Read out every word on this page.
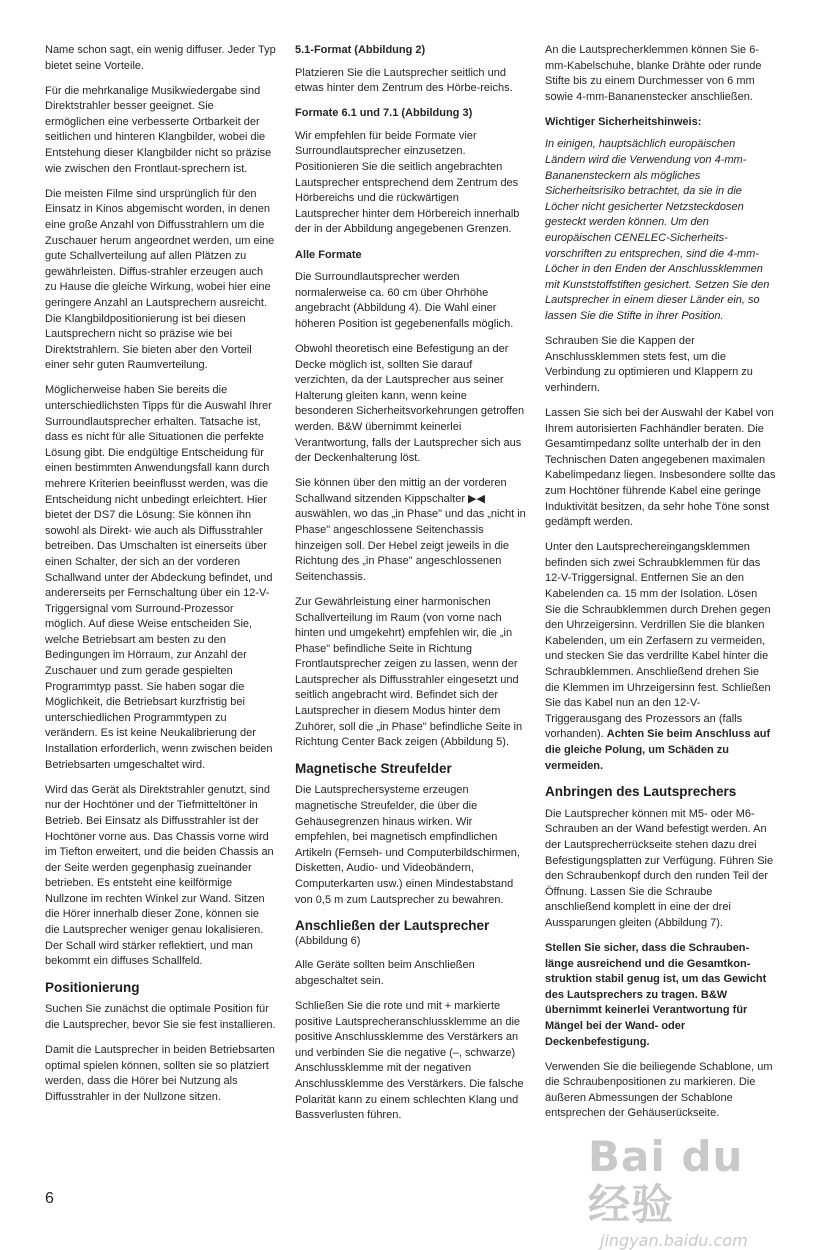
Name schon sagt, ein wenig diffuser. Jeder Typ bietet seine Vorteile.

Für die mehrkanalige Musikwiedergabe sind Direktstrahler besser geeignet. Sie ermöglichen eine verbesserte Ortbarkeit der seitlichen und hinteren Klangbilder, wobei die Entstehung dieser Klangbilder nicht so präzise wie zwischen den Frontlaut-sprechern ist.

Die meisten Filme sind ursprünglich für den Einsatz in Kinos abgemischt worden, in denen eine große Anzahl von Diffusstrahlern um die Zuschauer herum angeordnet werden, um eine gute Schallverteilung auf allen Plätzen zu gewährleisten. Diffus-strahler erzeugen auch zu Hause die gleiche Wirkung, wobei hier eine geringere Anzahl an Lautsprechern ausreicht. Die Klangbildpositionierung ist bei diesen Lautsprechern nicht so präzise wie bei Direktstrahlern. Sie bieten aber den Vorteil einer sehr guten Raumverteilung.

Möglicherweise haben Sie bereits die unterschiedlichsten Tipps für die Auswahl Ihrer Surroundlautsprecher erhalten. Tatsache ist, dass es nicht für alle Situationen die perfekte Lösung gibt. Die endgültige Entscheidung für einen bestimmten Anwendungsfall kann durch mehrere Kriterien beeinflusst werden, was die Entscheidung nicht unbedingt erleichtert. Hier bietet der DS7 die Lösung: Sie können ihn sowohl als Direkt- wie auch als Diffusstrahler betreiben. Das Umschalten ist einerseits über einen Schalter, der sich an der vorderen Schallwand unter der Abdeckung befindet, und andererseits per Fernschaltung über ein 12-V-Triggersignal vom Surround-Prozessor möglich. Auf diese Weise entscheiden Sie, welche Betriebsart am besten zu den Bedingungen im Hörraum, zur Anzahl der Zuschauer und zum gerade gespielten Programmtyp passt. Sie haben sogar die Möglichkeit, die Betriebsart kurzfristig bei unterschiedlichen Programmtypen zu verändern. Es ist keine Neukalibrierung der Installation erforderlich, wenn zwischen beiden Betriebsarten umgeschaltet wird.

Wird das Gerät als Direktstrahler genutzt, sind nur der Hochtöner und der Tiefmitteltöner in Betrieb. Bei Einsatz als Diffusstrahler ist der Hochtöner vorne aus. Das Chassis vorne wird im Tiefton erweitert, und die beiden Chassis an der Seite werden gegenphasig zueinander betrieben. Es entsteht eine keilförmige Nullzone im rechten Winkel zur Wand. Sitzen die Hörer innerhalb dieser Zone, können sie die Lautsprecher weniger genau lokalisieren. Der Schall wird stärker reflektiert, und man bekommt ein diffuses Schallfeld.

Positionierung

Suchen Sie zunächst die optimale Position für die Lautsprecher, bevor Sie sie fest installieren.

Damit die Lautsprecher in beiden Betriebsarten optimal spielen können, sollten sie so platziert werden, dass die Hörer bei Nutzung als Diffusstrahler in der Nullzone sitzen.

5.1-Format (Abbildung 2)

Platzieren Sie die Lautsprecher seitlich und etwas hinter dem Zentrum des Hörbe-reichs.

Formate 6.1 und 7.1 (Abbildung 3)

Wir empfehlen für beide Formate vier Surroundlautsprecher einzusetzen. Positionieren Sie die seitlich angebrachten Lautsprecher entsprechend dem Zentrum des Hörbereichs und die rückwärtigen Lautsprecher hinter dem Hörbereich innerhalb der in der Abbildung angegebenen Grenzen.

Alle Formate

Die Surroundlautsprecher werden normalerweise ca. 60 cm über Ohrhöhe angebracht (Abbildung 4). Die Wahl einer höheren Position ist gegebenenfalls möglich.

Obwohl theoretisch eine Befestigung an der Decke möglich ist, sollten Sie darauf verzichten, da der Lautsprecher aus seiner Halterung gleiten kann, wenn keine besonderen Sicherheitsvorkehrungen getroffen werden. B&W übernimmt keinerlei Verantwortung, falls der Lautsprecher sich aus der Deckenhalterung löst.

Sie können über den mittig an der vorderen Schallwand sitzenden Kippschalter ▶◀ auswählen, wo das „in Phase" und das „nicht in Phase" angeschlossene Seitenchassis hinzeigen soll. Der Hebel zeigt jeweils in die Richtung des „in Phase" angeschlossenen Seitenchassis.

Zur Gewährleistung einer harmonischen Schallverteilung im Raum (von vorne nach hinten und umgekehrt) empfehlen wir, die „in Phase" befindliche Seite in Richtung Frontlautsprecher zeigen zu lassen, wenn der Lautsprecher als Diffusstrahler eingesetzt und seitlich angebracht wird. Befindet sich der Lautsprecher in diesem Modus hinter dem Zuhörer, soll die „in Phase" befindliche Seite in Richtung Center Back zeigen (Abbildung 5).

Magnetische Streufelder

Die Lautsprechersysteme erzeugen magnetische Streufelder, die über die Gehäusegrenzen hinaus wirken. Wir empfehlen, bei magnetisch empfindlichen Artikeln (Fernseh- und Computerbildschirmen, Disketten, Audio- und Videobändern, Computerkarten usw.) einen Mindestabstand von 0,5 m zum Lautsprecher zu bewahren.

Anschließen der Lautsprecher

(Abbildung 6)

Alle Geräte sollten beim Anschließen abgeschaltet sein.

Schließen Sie die rote und mit + markierte positive Lautsprecheranschlussklemme an die positive Anschlussklemme des Verstärkers an und verbinden Sie die negative (–, schwarze) Anschlussklemme mit der negativen Anschlussklemme des Verstärkers. Die falsche Polarität kann zu einem schlechten Klang und Bassverlusten führen.

An die Lautsprecherklemmen können Sie 6-mm-Kabelschuhe, blanke Drähte oder runde Stifte bis zu einem Durchmesser von 6 mm sowie 4-mm-Bananenstecker anschließen.

Wichtiger Sicherheitshinweis:

In einigen, hauptsächlich europäischen Ländern wird die Verwendung von 4-mm-Bananensteckern als mögliches Sicherheitsrisiko betrachtet, da sie in die Löcher nicht gesicherter Netzsteckdosen gesteckt werden können. Um den europäischen CENELEC-Sicherheits-vorschriften zu entsprechen, sind die 4-mm-Löcher in den Enden der Anschlussklemmen mit Kunststoffstiften gesichert. Setzen Sie den Lautsprecher in einem dieser Länder ein, so lassen Sie die Stifte in ihrer Position.

Schrauben Sie die Kappen der Anschlussklemmen stets fest, um die Verbindung zu optimieren und Klappern zu verhindern.

Lassen Sie sich bei der Auswahl der Kabel von Ihrem autorisierten Fachhändler beraten. Die Gesamtimpedanz sollte unterhalb der in den Technischen Daten angegebenen maximalen Kabelimpedanz liegen. Insbesondere sollte das zum Hochtöner führende Kabel eine geringe Induktivität besitzen, da sehr hohe Töne sonst gedämpft werden.

Unter den Lautsprechereingangsklemmen befinden sich zwei Schraubklemmen für das 12-V-Triggersignal. Entfernen Sie an den Kabelenden ca. 15 mm der Isolation. Lösen Sie die Schraubklemmen durch Drehen gegen den Uhrzeigersinn. Verdrillen Sie die blanken Kabelenden, um ein Zerfasern zu vermeiden, und stecken Sie das verdrillte Kabel hinter die Schraubklemmen. Anschließend drehen Sie die Klemmen im Uhrzeigersinn fest. Schließen Sie das Kabel nun an den 12-V-Triggerausgang des Prozessors an (falls vorhanden). Achten Sie beim Anschluss auf die gleiche Polung, um Schäden zu vermeiden.

Anbringen des Lautsprechers

Die Lautsprecher können mit M5- oder M6-Schrauben an der Wand befestigt werden. An der Lautsprecherrückseite stehen dazu drei Befestigungsplatten zur Verfügung. Führen Sie den Schraubenkopf durch den runden Teil der Öffnung. Lassen Sie die Schraube anschließend komplett in eine der drei Aussparungen gleiten (Abbildung 7).

Stellen Sie sicher, dass die Schrauben-länge ausreichend und die Gesamtkon-struktion stabil genug ist, um das Gewicht des Lautsprechers zu tragen. B&W übernimmt keinerlei Verantwortung für Mängel bei der Wand- oder Deckenbefestigung.

Verwenden Sie die beiliegende Schablone, um die Schraubenpositionen zu markieren. Die äußeren Abmessungen der Schablone entsprechen der Gehäuserückseite.

6
Bai du 经验
jingyan.baidu.com
